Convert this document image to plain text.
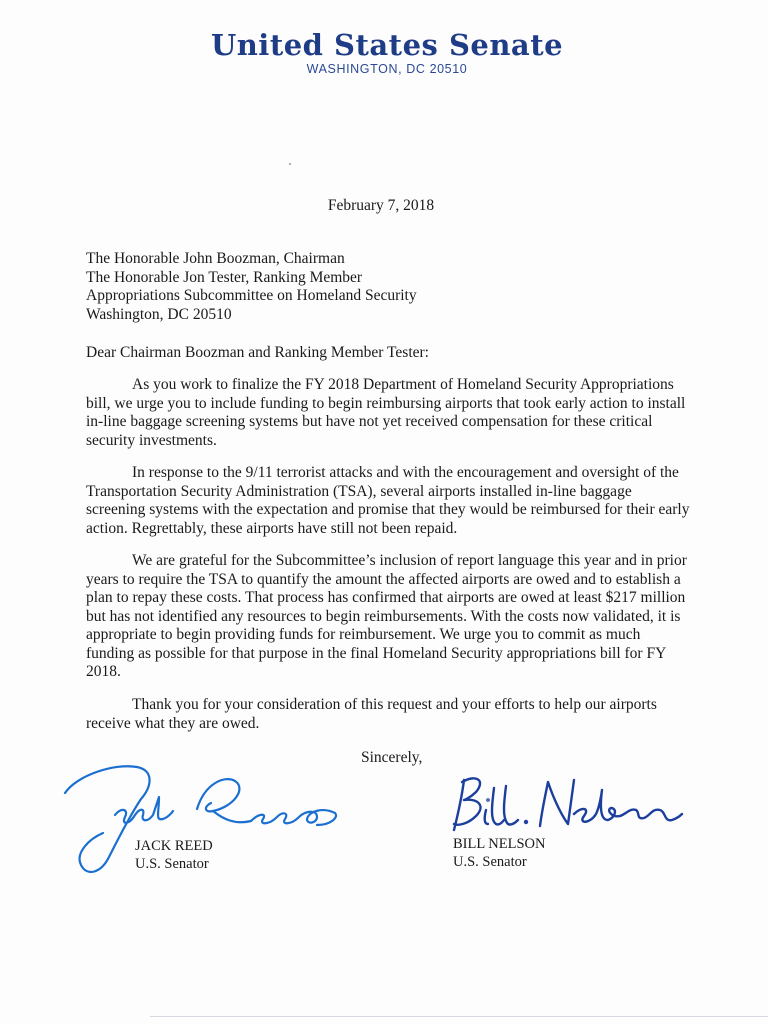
United States Senate
WASHINGTON, DC 20510
February 7, 2018
The Honorable John Boozman, Chairman
The Honorable Jon Tester, Ranking Member
Appropriations Subcommittee on Homeland Security
Washington, DC 20510
Dear Chairman Boozman and Ranking Member Tester:
As you work to finalize the FY 2018 Department of Homeland Security Appropriations
bill, we urge you to include funding to begin reimbursing airports that took early action to install
in-line baggage screening systems but have not yet received compensation for these critical
security investments.
In response to the 9/11 terrorist attacks and with the encouragement and oversight of the
Transportation Security Administration (TSA), several airports installed in-line baggage
screening systems with the expectation and promise that they would be reimbursed for their early
action. Regrettably, these airports have still not been repaid.
We are grateful for the Subcommittee’s inclusion of report language this year and in prior
years to require the TSA to quantify the amount the affected airports are owed and to establish a
plan to repay these costs. That process has confirmed that airports are owed at least $217 million
but has not identified any resources to begin reimbursements. With the costs now validated, it is
appropriate to begin providing funds for reimbursement. We urge you to commit as much
funding as possible for that purpose in the final Homeland Security appropriations bill for FY
2018.
Thank you for your consideration of this request and your efforts to help our airports
receive what they are owed.
Sincerely,
JACK REED
U.S. Senator
BILL NELSON
U.S. Senator
